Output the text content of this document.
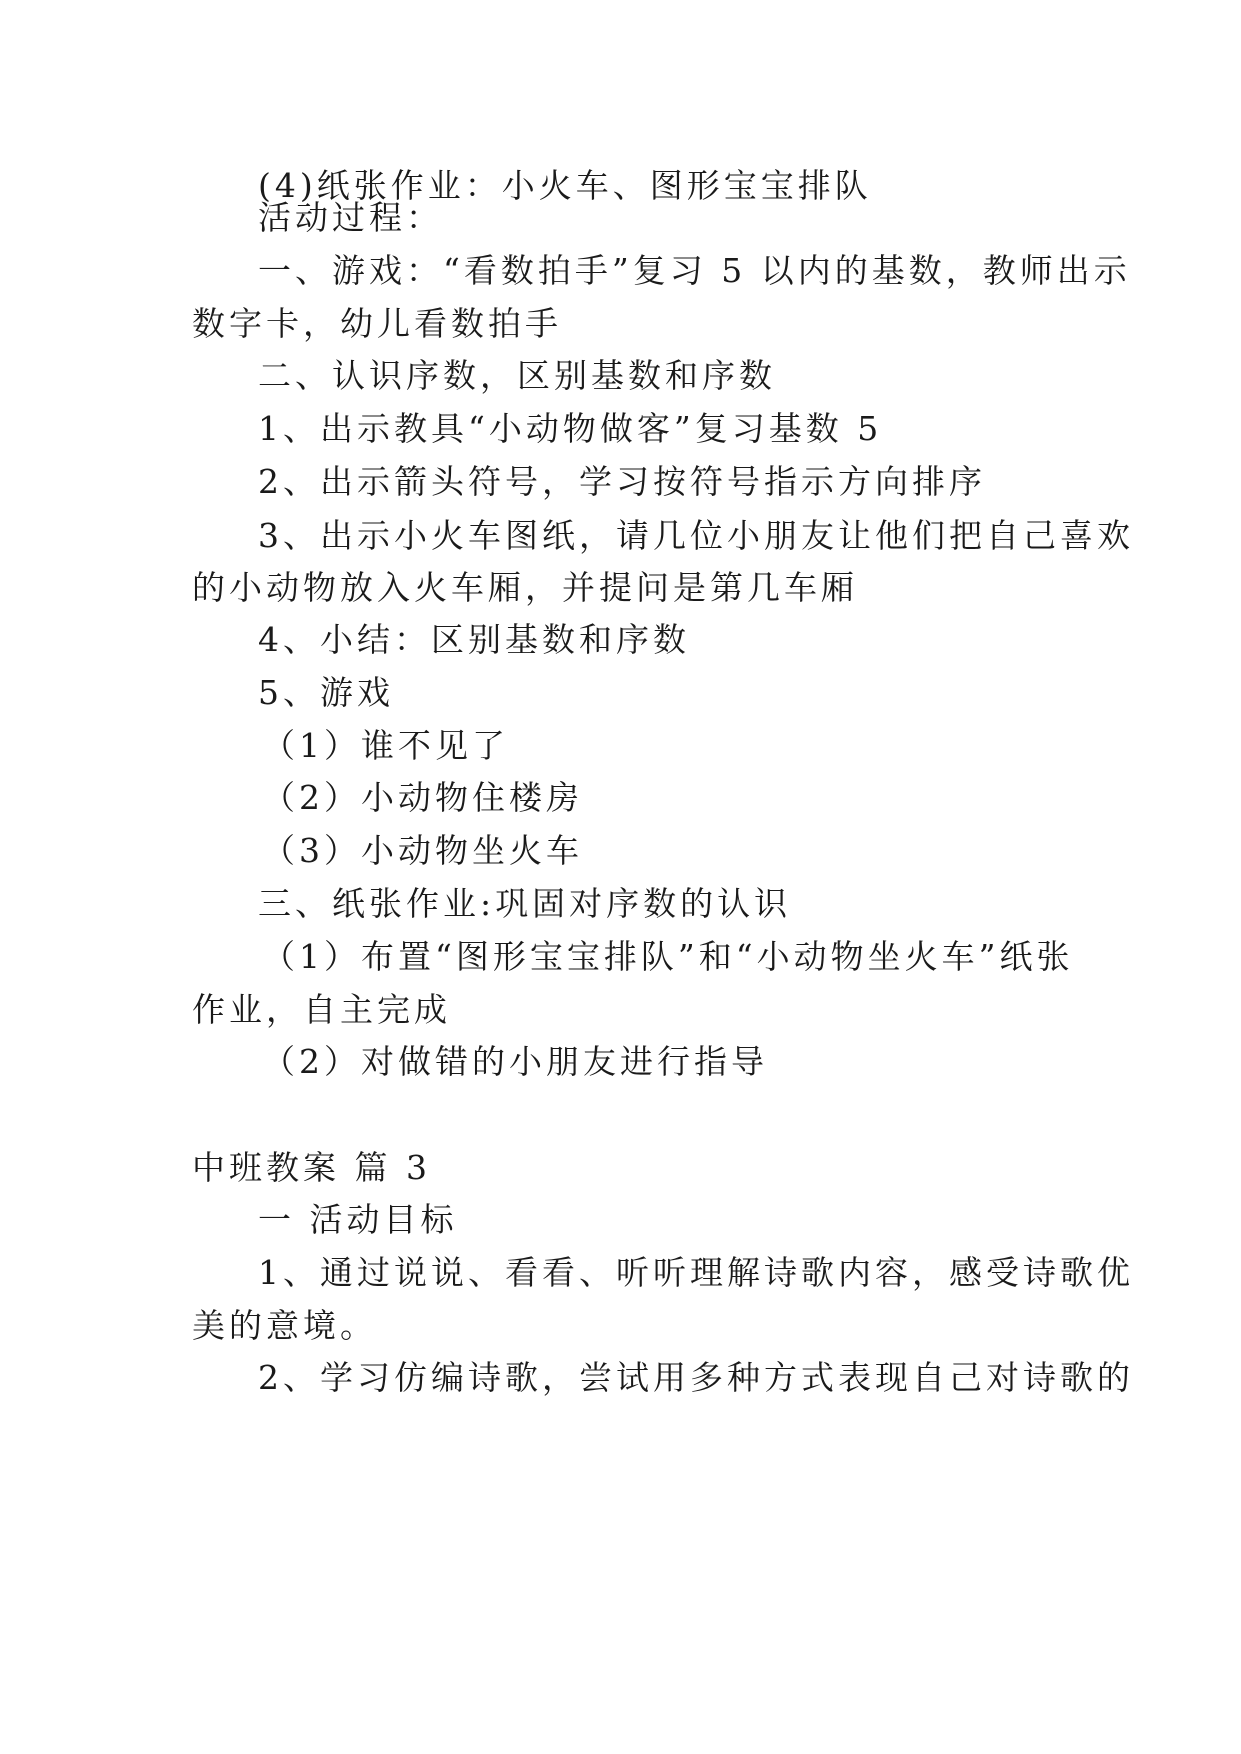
(4)纸张作业：小火车、图形宝宝排队
活动过程：
一、游戏：“看数拍手”复习 5 以内的基数，教师出示
数字卡，幼儿看数拍手
二、认识序数，区别基数和序数
1、出示教具“小动物做客”复习基数 5
2、出示箭头符号，学习按符号指示方向排序
3、出示小火车图纸，请几位小朋友让他们把自己喜欢
的小动物放入火车厢，并提问是第几车厢
4、小结：区别基数和序数
5、游戏
（1）谁不见了
（2）小动物住楼房
（3）小动物坐火车
三、纸张作业:巩固对序数的认识
（1）布置“图形宝宝排队”和“小动物坐火车”纸张
作业，自主完成
（2）对做错的小朋友进行指导
中班教案 篇 3
一 活动目标
1、通过说说、看看、听听理解诗歌内容，感受诗歌优
美的意境。
2、学习仿编诗歌，尝试用多种方式表现自己对诗歌的
